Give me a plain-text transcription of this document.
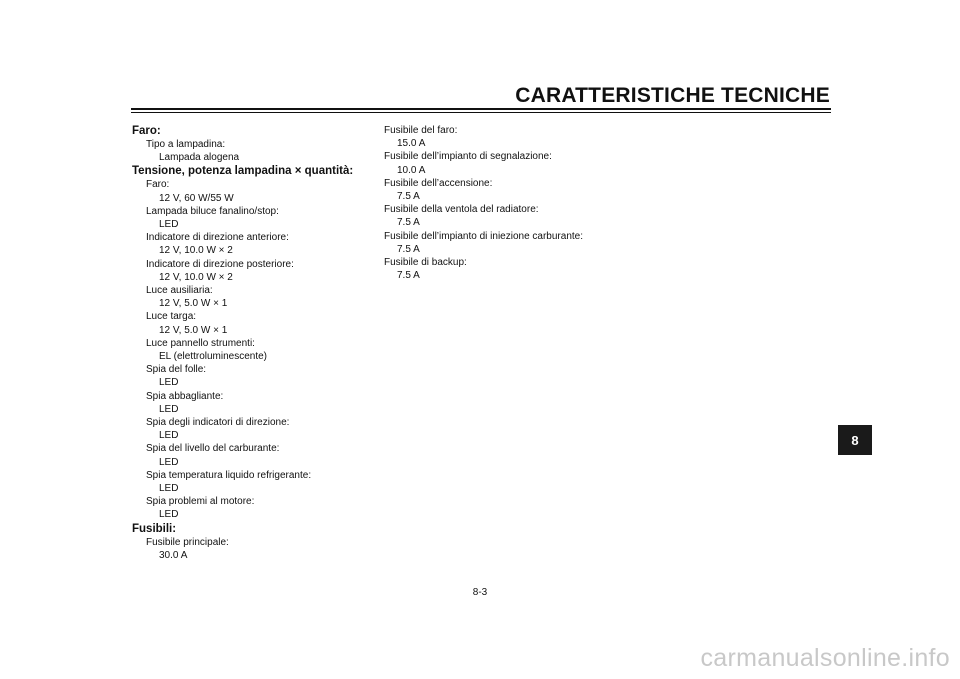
CARATTERISTICHE TECNICHE
Faro:
Tipo a lampadina:
Lampada alogena
Tensione, potenza lampadina × quantità:
Faro:
12 V, 60 W/55 W
Lampada biluce fanalino/stop:
LED
Indicatore di direzione anteriore:
12 V, 10.0 W × 2
Indicatore di direzione posteriore:
12 V, 10.0 W × 2
Luce ausiliaria:
12 V, 5.0 W × 1
Luce targa:
12 V, 5.0 W × 1
Luce pannello strumenti:
EL (elettroluminescente)
Spia del folle:
LED
Spia abbagliante:
LED
Spia degli indicatori di direzione:
LED
Spia del livello del carburante:
LED
Spia temperatura liquido refrigerante:
LED
Spia problemi al motore:
LED
Fusibili:
Fusibile principale:
30.0 A
Fusibile del faro:
15.0 A
Fusibile dell’impianto di segnalazione:
10.0 A
Fusibile dell’accensione:
7.5 A
Fusibile della ventola del radiatore:
7.5 A
Fusibile dell’impianto di iniezione carburante:
7.5 A
Fusibile di backup:
7.5 A
8
8-3
carmanualsonline.info
